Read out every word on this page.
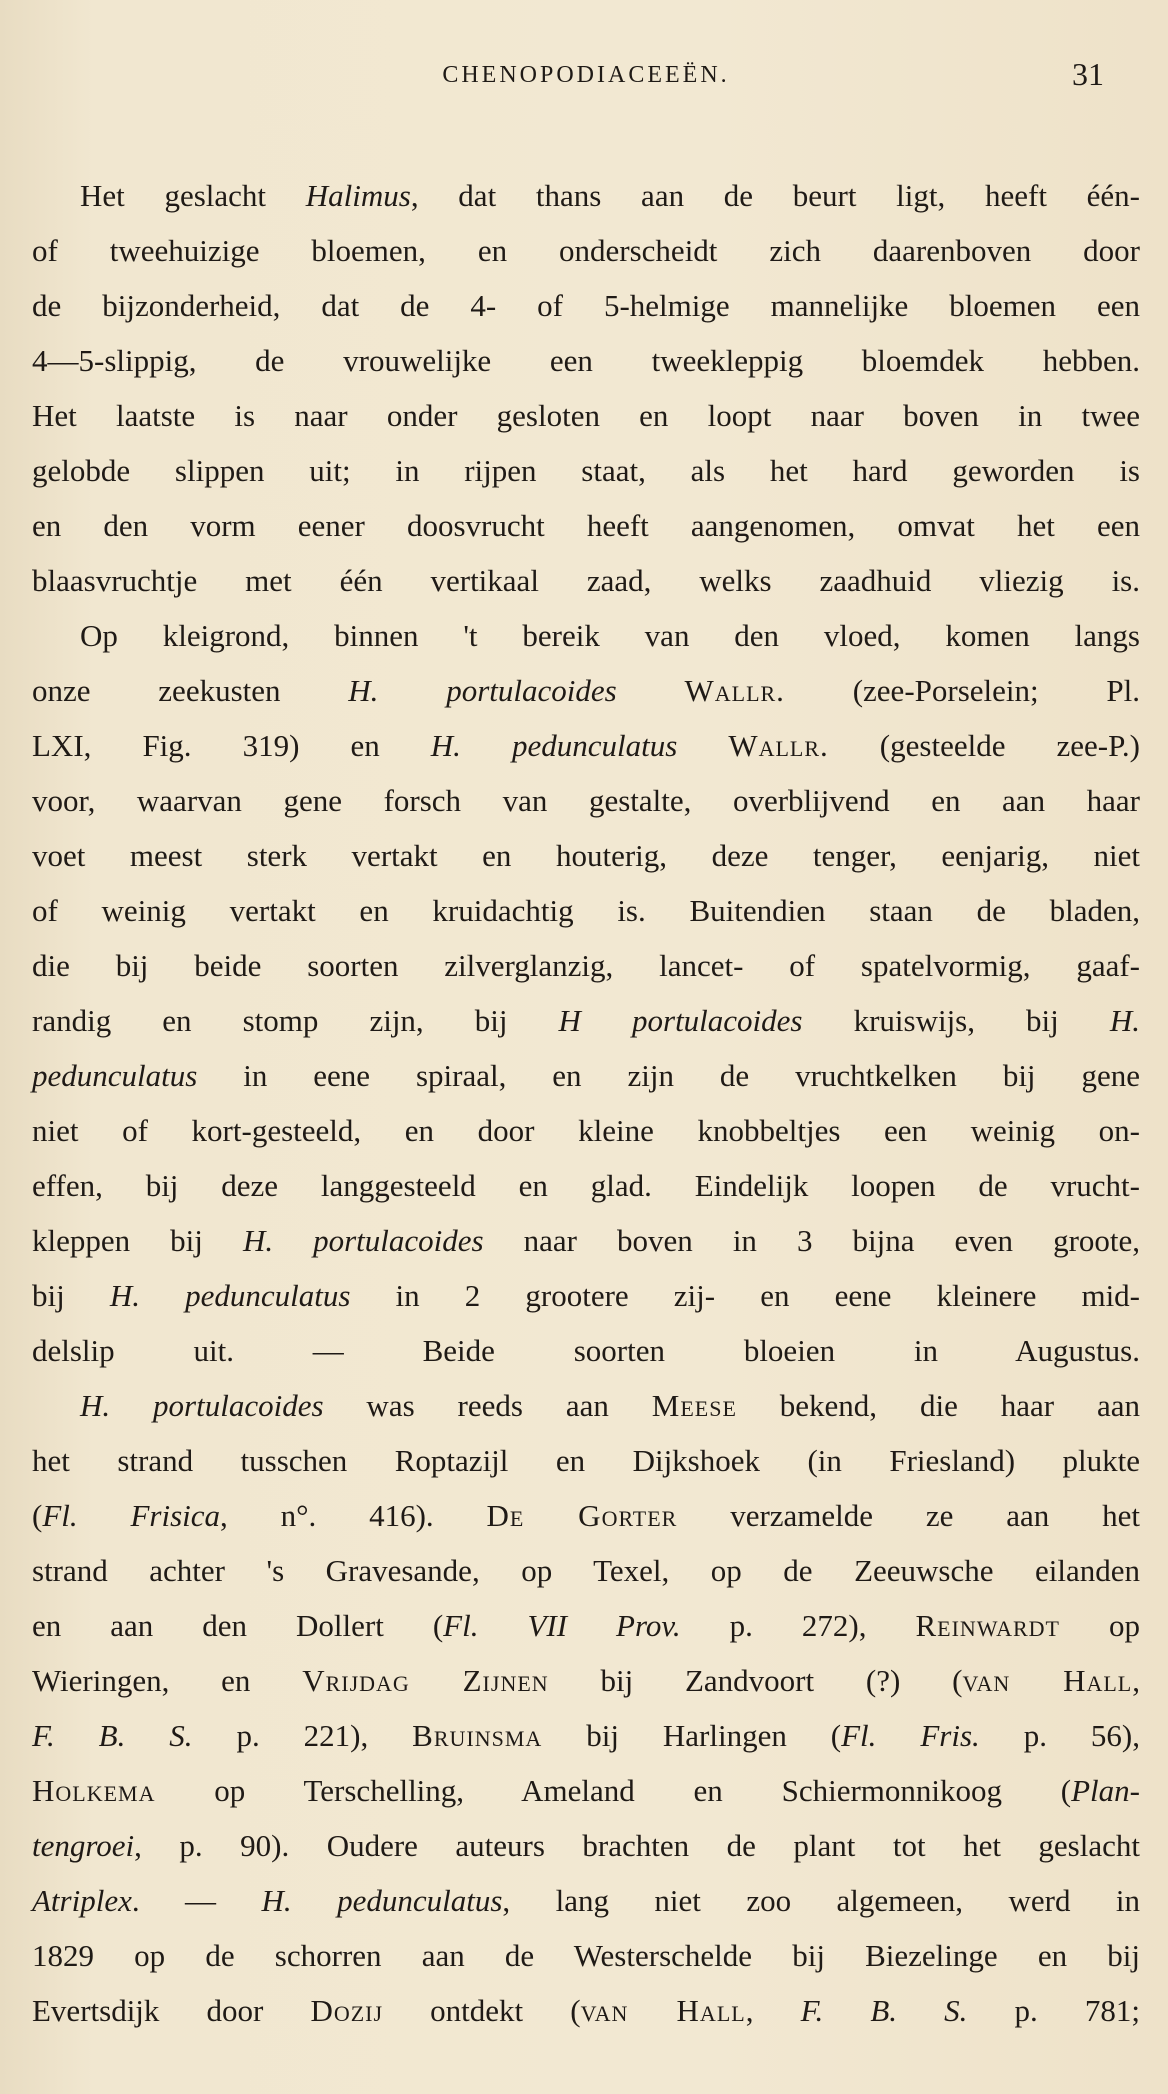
CHENOPODIACEEËN.	31
Het geslacht Halimus, dat thans aan de beurt ligt, heeft één-
of tweehuizige bloemen, en onderscheidt zich daarenboven door
de bijzonderheid, dat de 4- of 5-helmige mannelijke bloemen een
4—5-slippig, de vrouwelijke een tweekleppig bloemdek hebben.
Het laatste is naar onder gesloten en loopt naar boven in twee
gelobde slippen uit; in rijpen staat, als het hard geworden is
en den vorm eener doosvrucht heeft aangenomen, omvat het een
blaasvruchtje met één vertikaal zaad, welks zaadhuid vliezig is.
Op kleigrond, binnen 't bereik van den vloed, komen langs
onze zeekusten H. portulacoides Wallr. (zee-Porselein; Pl.
LXI, Fig. 319) en H. pedunculatus Wallr. (gesteelde zee-P.)
voor, waarvan gene forsch van gestalte, overblijvend en aan haar
voet meest sterk vertakt en houterig, deze tenger, eenjarig, niet
of weinig vertakt en kruidachtig is. Buitendien staan de bladen,
die bij beide soorten zilverglanzig, lancet- of spatelvormig, gaaf-
randig en stomp zijn, bij H portulacoides kruiswijs, bij H.
pedunculatus in eene spiraal, en zijn de vruchtkelken bij gene
niet of kort-gesteeld, en door kleine knobbeltjes een weinig on-
effen, bij deze langgesteeld en glad. Eindelijk loopen de vrucht-
kleppen bij H. portulacoides naar boven in 3 bijna even groote,
bij H. pedunculatus in 2 grootere zij- en eene kleinere mid-
delslip uit. — Beide soorten bloeien in Augustus.
H. portulacoides was reeds aan Meese bekend, die haar aan
het strand tusschen Roptazijl en Dijkshoek (in Friesland) plukte
(Fl. Frisica, n°. 416). De Gorter verzamelde ze aan het
strand achter 's Gravesande, op Texel, op de Zeeuwsche eilanden
en aan den Dollert (Fl. VII Prov. p. 272), Reinwardt op
Wieringen, en Vrijdag Zijnen bij Zandvoort (?) (van Hall,
F. B. S. p. 221), Bruinsma bij Harlingen (Fl. Fris. p. 56),
Holkema op Terschelling, Ameland en Schiermonnikoog (Plan-
tengroei, p. 90). Oudere auteurs brachten de plant tot het geslacht
Atriplex. — H. pedunculatus, lang niet zoo algemeen, werd in
1829 op de schorren aan de Westerschelde bij Biezelinge en bij
Evertsdijk door Dozij ontdekt (van Hall, F. B. S. p. 781;
